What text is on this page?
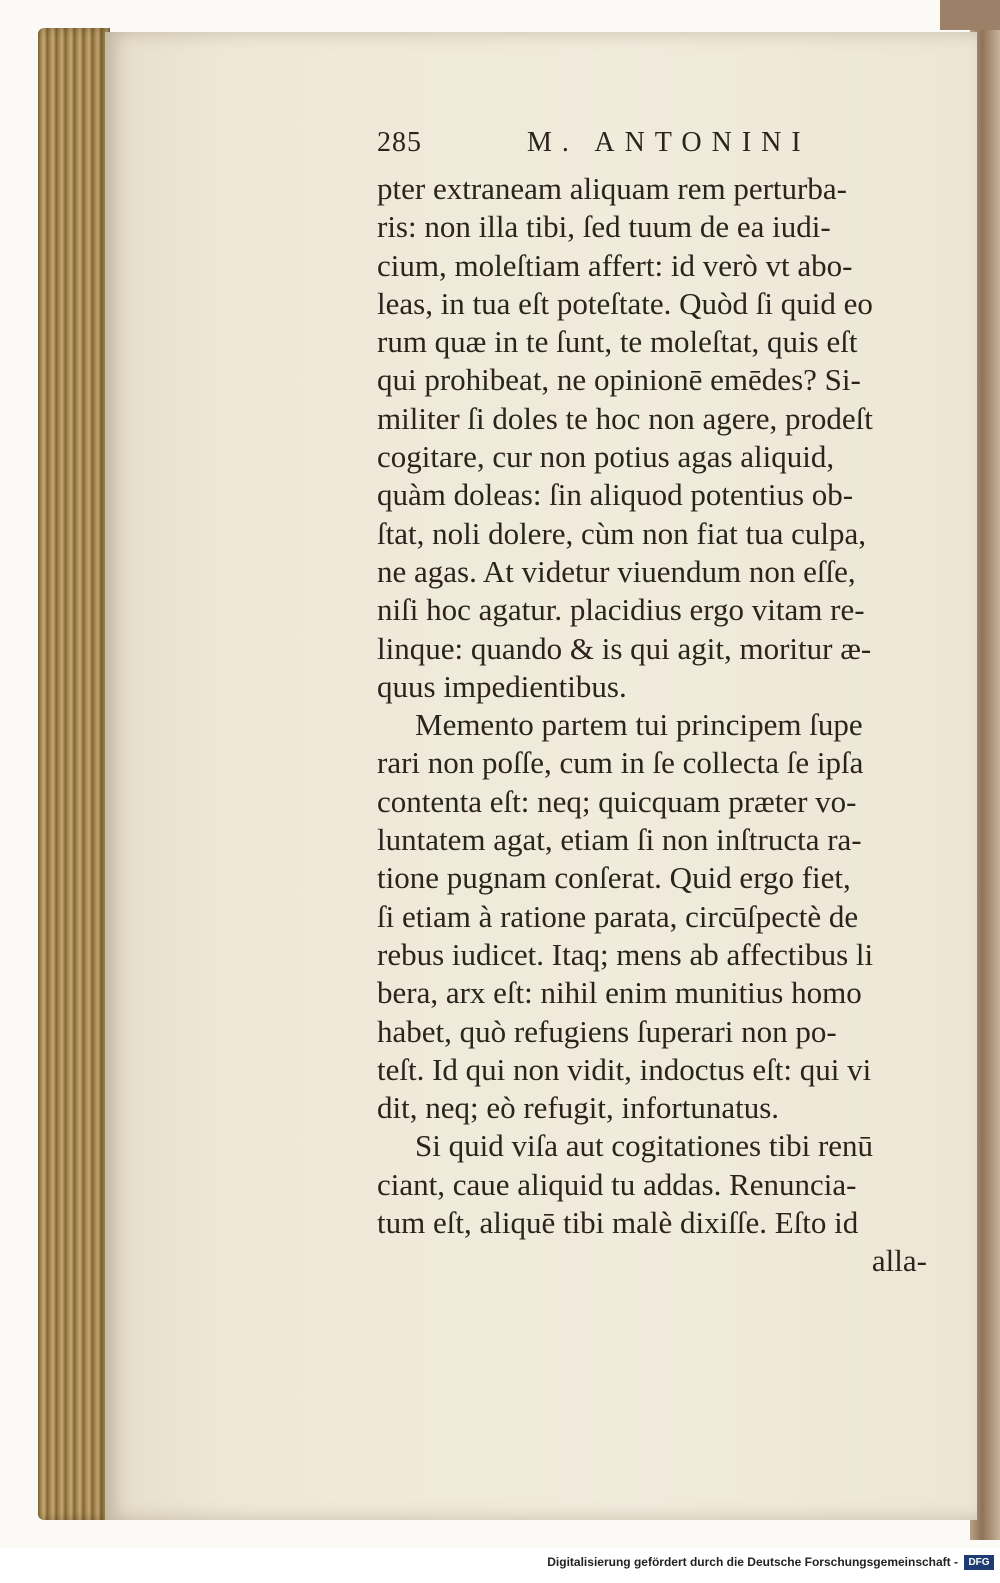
285	M. ANTONINI
pter extraneam aliquam rem perturba-
ris: non illa tibi, ſed tuum de ea iudi-
cium, moleſtiam affert: id verò vt abo-
leas, in tua eſt poteſtate. Quòd ſi quid eo
rum quæ in te ſunt, te moleſtat, quis eſt
qui prohibeat, ne opinionē emēdes? Si-
militer ſi doles te hoc non agere, prodeſt
cogitare, cur non potius agas aliquid,
quàm doleas: ſin aliquod potentius ob-
ſtat, noli dolere, cùm non fiat tua culpa,
ne agas. At videtur viuendum non eſſe,
niſi hoc agatur. placidius ergo vitam re-
linque: quando & is qui agit, moritur æ-
quus impedientibus.
Memento partem tui principem ſupe
rari non poſſe, cum in ſe collecta ſe ipſa
contenta eſt: neq; quicquam præter vo-
luntatem agat, etiam ſi non inſtructa ra-
tione pugnam conſerat. Quid ergo fiet,
ſi etiam à ratione parata, circūſpectè de
rebus iudicet. Itaq; mens ab affectibus li
bera, arx eſt: nihil enim munitius homo
habet, quò refugiens ſuperari non po-
teſt. Id qui non vidit, indoctus eſt: qui vi
dit, neq; eò refugit, infortunatus.
Si quid viſa aut cogitationes tibi renū
ciant, caue aliquid tu addas. Renuncia-
tum eſt, aliquē tibi malè dixiſſe. Eſto id
alla-
Digitalisierung gefördert durch die Deutsche Forschungsgemeinschaft -	DFG
